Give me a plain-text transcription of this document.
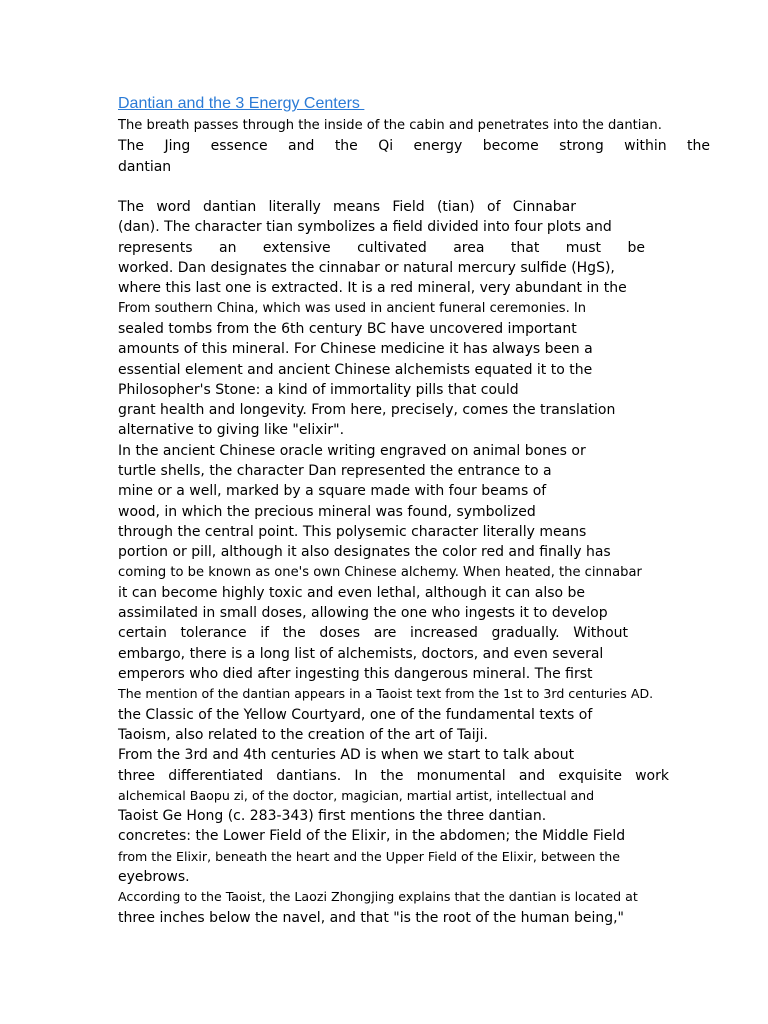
Dantian and the 3 Energy Centers
The breath passes through the inside of the cabin and penetrates into the dantian.
The Jing essence and the Qi energy become strong within the
dantian
The word dantian literally means Field (tian) of Cinnabar
(dan). The character tian symbolizes a field divided into four plots and
represents an extensive cultivated area that must be
worked. Dan designates the cinnabar or natural mercury sulfide (HgS),
where this last one is extracted. It is a red mineral, very abundant in the
From southern China, which was used in ancient funeral ceremonies. In
sealed tombs from the 6th century BC have uncovered important
amounts of this mineral. For Chinese medicine it has always been a
essential element and ancient Chinese alchemists equated it to the
Philosopher's Stone: a kind of immortality pills that could
grant health and longevity. From here, precisely, comes the translation
alternative to giving like "elixir".
In the ancient Chinese oracle writing engraved on animal bones or
turtle shells, the character Dan represented the entrance to a
mine or a well, marked by a square made with four beams of
wood, in which the precious mineral was found, symbolized
through the central point. This polysemic character literally means
portion or pill, although it also designates the color red and finally has
coming to be known as one's own Chinese alchemy. When heated, the cinnabar
it can become highly toxic and even lethal, although it can also be
assimilated in small doses, allowing the one who ingests it to develop
certain tolerance if the doses are increased gradually. Without
embargo, there is a long list of alchemists, doctors, and even several
emperors who died after ingesting this dangerous mineral. The first
The mention of the dantian appears in a Taoist text from the 1st to 3rd centuries AD.
the Classic of the Yellow Courtyard, one of the fundamental texts of
Taoism, also related to the creation of the art of Taiji.
From the 3rd and 4th centuries AD is when we start to talk about
three differentiated dantians. In the monumental and exquisite work
alchemical Baopu zi, of the doctor, magician, martial artist, intellectual and
Taoist Ge Hong (c. 283-343) first mentions the three dantian.
concretes: the Lower Field of the Elixir, in the abdomen; the Middle Field
from the Elixir, beneath the heart and the Upper Field of the Elixir, between the
eyebrows.
According to the Taoist, the Laozi Zhongjing explains that the dantian is located at
three inches below the navel, and that "is the root of the human being,"
